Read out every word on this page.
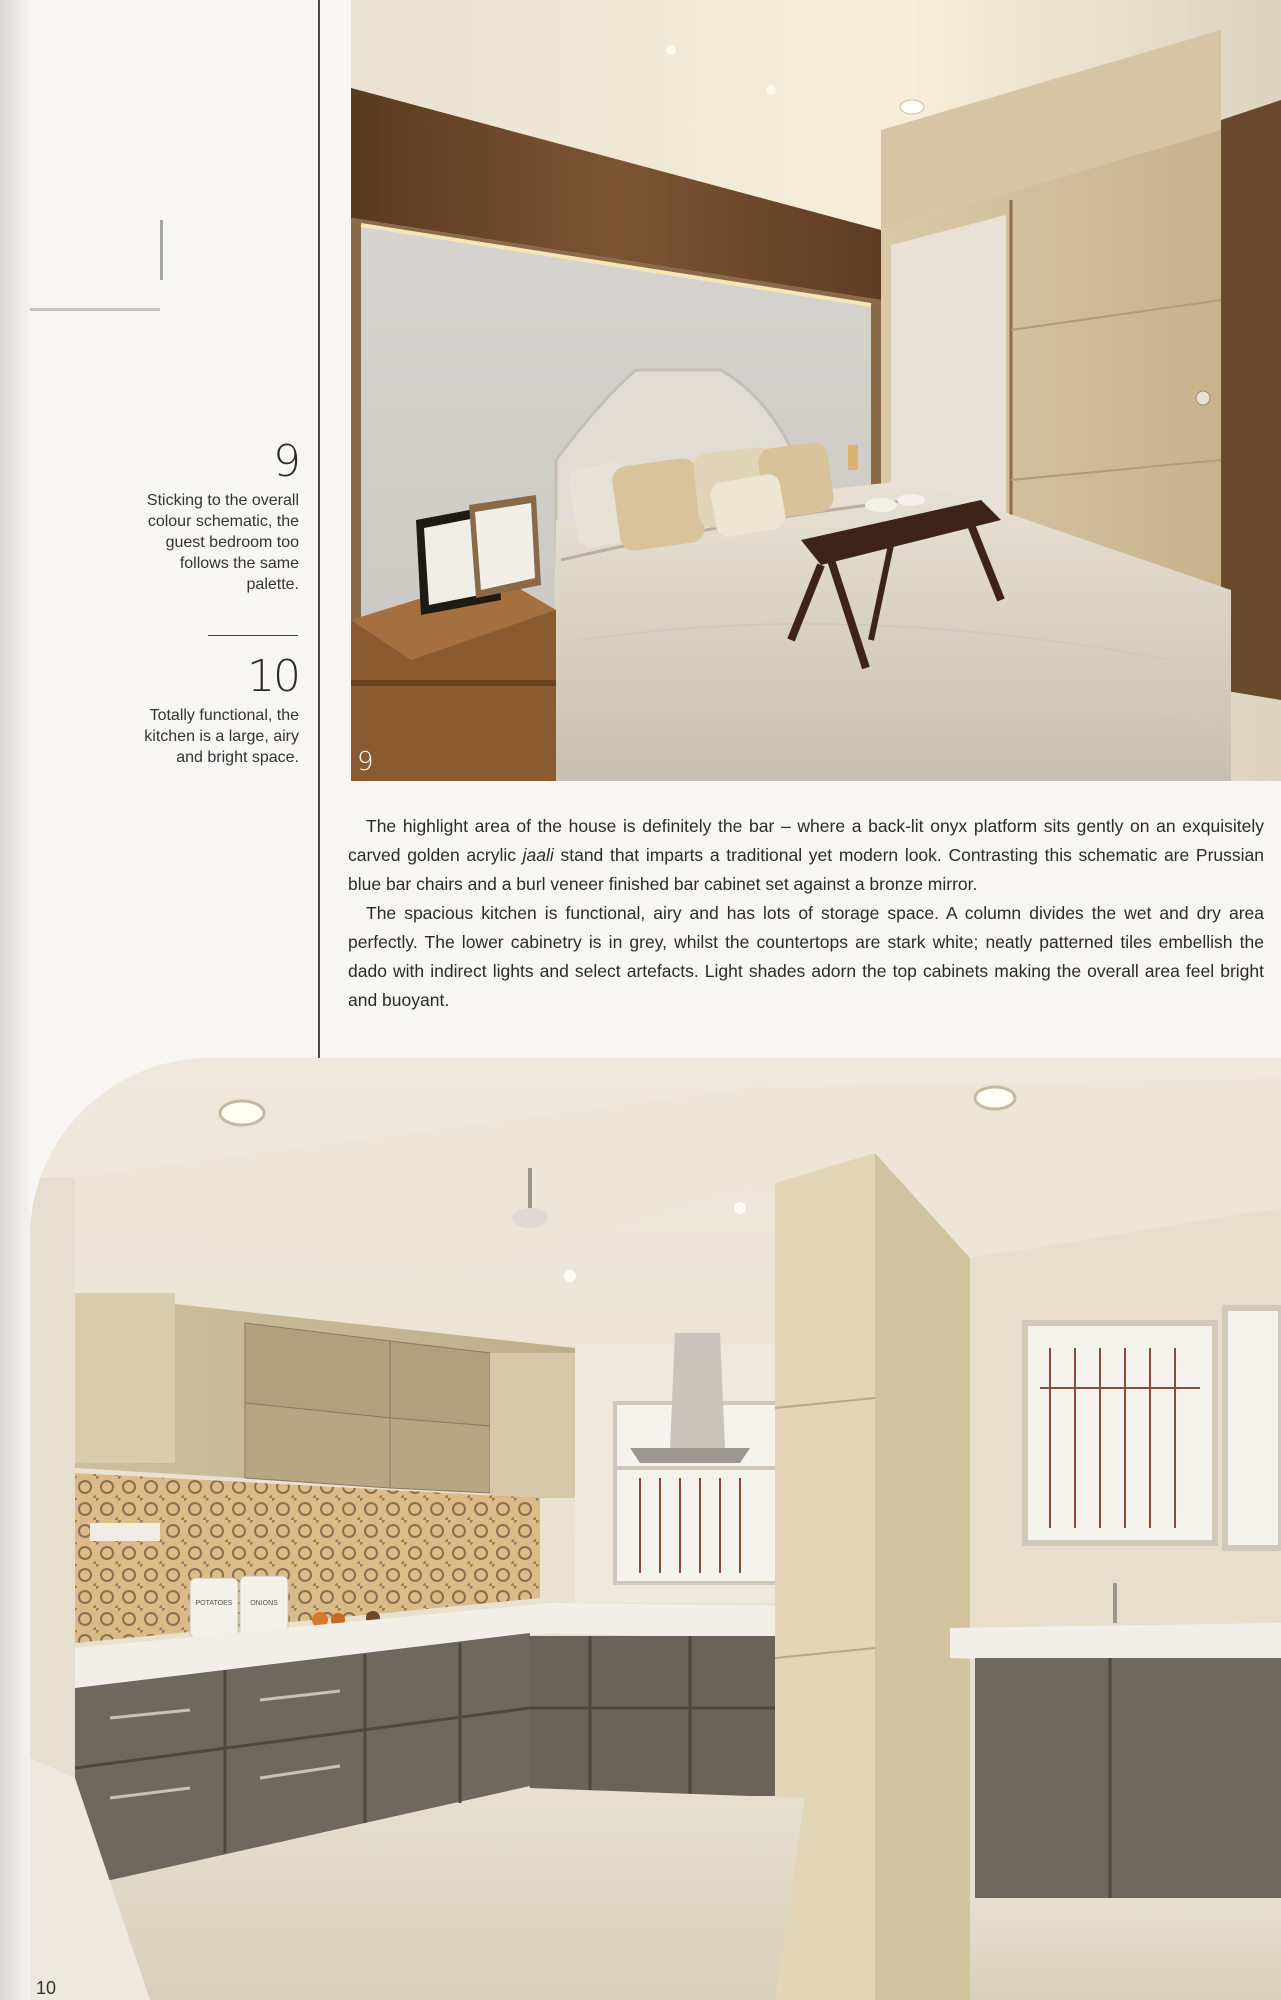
9
Sticking to the overall colour schematic, the guest bedroom too follows the same palette.
10
Totally functional, the kitchen is a large, airy and bright space. 9

The highlight area of the house is definitely the bar – where a back-lit onyx platform sits gently on an exquisitely carved golden acrylic jaali stand that imparts a traditional yet modern look. Contrasting this schematic are Prussian blue bar chairs and a burl veneer finished bar cabinet set against a bronze mirror.

The spacious kitchen is functional, airy and has lots of storage space. A column divides the wet and dry area perfectly. The lower cabinetry is in grey, whilst the countertops are stark white; neatly patterned tiles embellish the dado with indirect lights and select artefacts. Light shades adorn the top cabinets making the overall area feel bright and buoyant.

POTATOES	ONIONS
10
